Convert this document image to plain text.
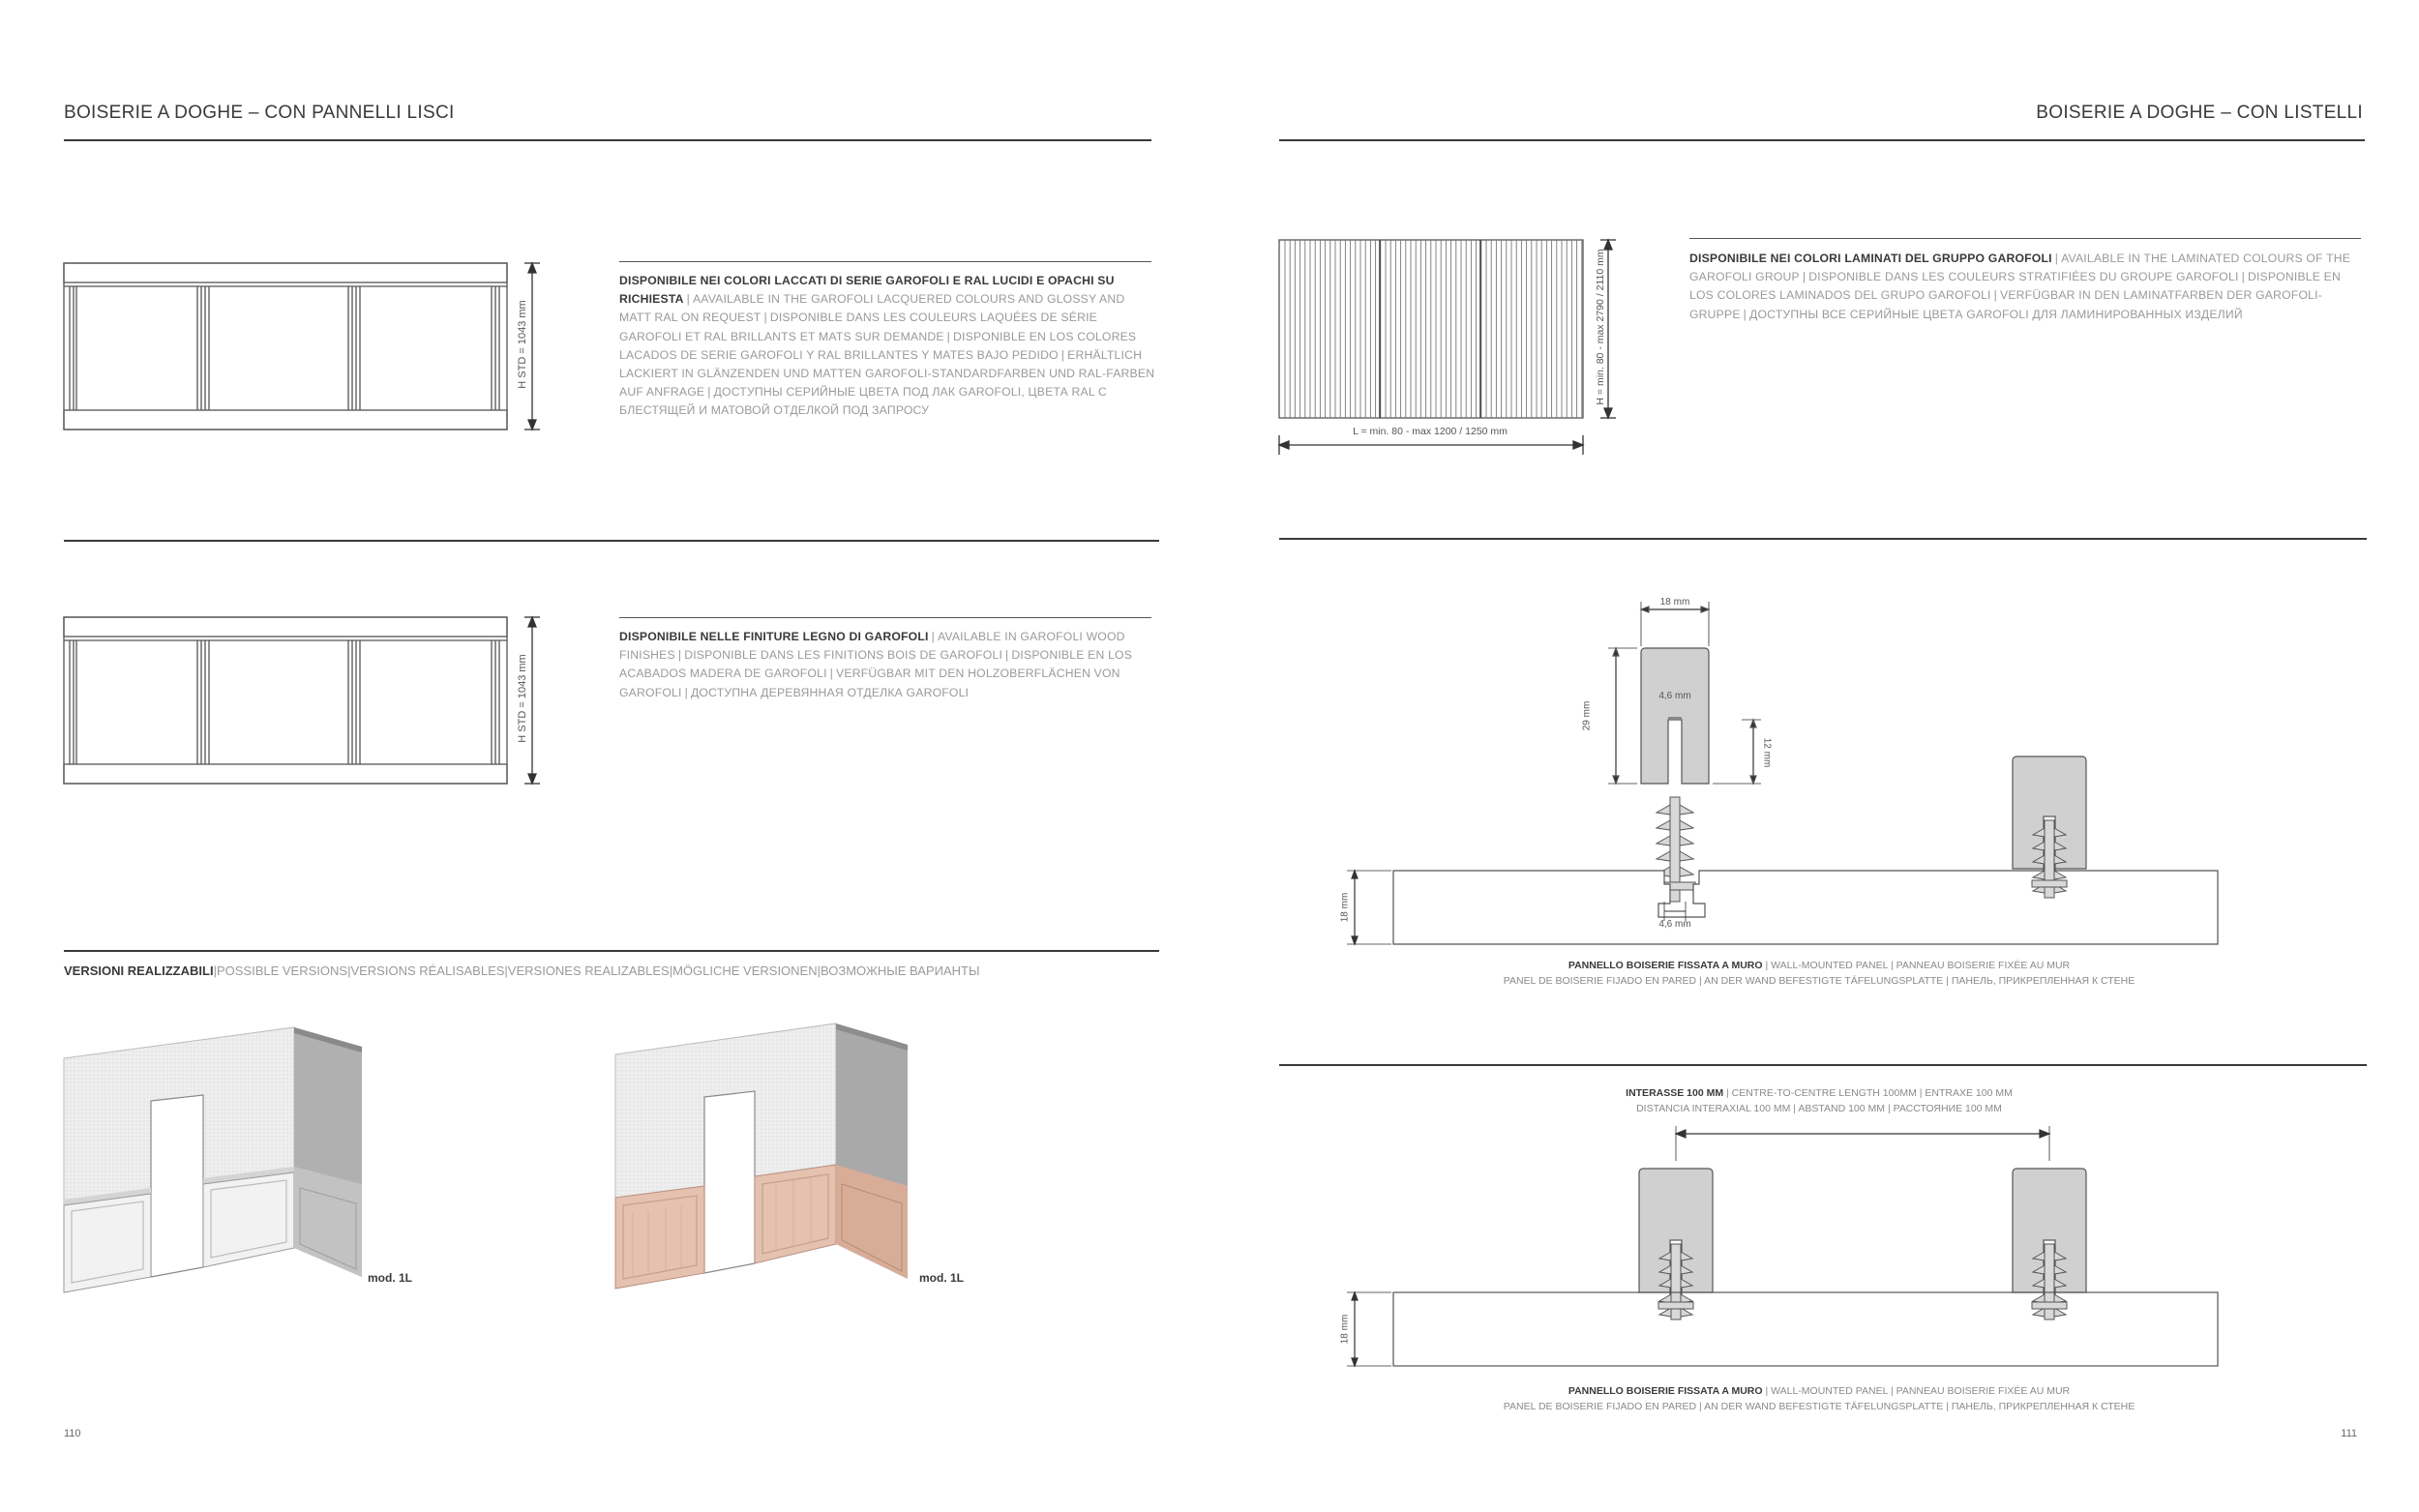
BOISERIE A DOGHE – CON PANNELLI LISCI
H STD = 1043 mm
DISPONIBILE NEI COLORI LACCATI DI SERIE GAROFOLI E RAL LUCIDI E OPACHI SU RICHIESTA | AAVAILABLE IN THE GAROFOLI LACQUERED COLOURS AND GLOSSY AND MATT RAL ON REQUEST | DISPONIBLE DANS LES COULEURS LAQUÉES DE SÉRIE GAROFOLI ET RAL BRILLANTS ET MATS SUR DEMANDE | DISPONIBLE EN LOS COLORES LACADOS DE SERIE GAROFOLI Y RAL BRILLANTES Y MATES BAJO PEDIDO | ERHÄLTLICH LACKIERT IN GLÄNZENDEN UND MATTEN GAROFOLI-STANDARDFARBEN UND RAL-FARBEN AUF ANFRAGE | ДОСТУПНЫ СЕРИЙНЫЕ ЦВЕТА ПОД ЛАК GAROFOLI, ЦВЕТА RAL С БЛЕСТЯЩЕЙ И МАТОВОЙ ОТДЕЛКОЙ ПОД ЗАПРОСУ
H STD = 1043 mm
DISPONIBILE NELLE FINITURE LEGNO DI GAROFOLI | AVAILABLE IN GAROFOLI WOOD FINISHES | DISPONIBLE DANS LES FINITIONS BOIS DE GAROFOLI | DISPONIBLE EN LOS ACABADOS MADERA DE GAROFOLI | VERFÜGBAR MIT DEN HOLZOBERFLÄCHEN VON GAROFOLI | ДОСТУПНА ДЕРЕВЯННАЯ ОТДЕЛКА GAROFOLI
VERSIONI REALIZZABILI|POSSIBLE VERSIONS|VERSIONS RÉALISABLES|VERSIONES REALIZABLES|MÖGLICHE VERSIONEN|ВОЗМОЖНЫЕ ВАРИАНТЫ
mod. 1L	mod. 1L
110
BOISERIE A DOGHE – CON LISTELLI
H = min. 80 - max 2790 / 2110 mm
L = min. 80 - max 1200 / 1250 mm
DISPONIBILE NEI COLORI LAMINATI DEL GRUPPO GAROFOLI | AVAILABLE IN THE LAMINATED COLOURS OF THE GAROFOLI GROUP | DISPONIBLE DANS LES COULEURS STRATIFIÉES DU GROUPE GAROFOLI | DISPONIBLE EN LOS COLORES LAMINADOS DEL GRUPO GAROFOLI | VERFÜGBAR IN DEN LAMINATFARBEN DER GAROFOLI-GRUPPE | ДОСТУПНЫ ВСЕ СЕРИЙНЫЕ ЦВЕТА GAROFOLI ДЛЯ ЛАМИНИРОВАННЫХ ИЗДЕЛИЙ
18 mm
29 mm
4,6 mm
12 mm
18 mm
4,6 mm
PANNELLO BOISERIE FISSATA A MURO | WALL-MOUNTED PANEL | PANNEAU BOISERIE FIXÉE AU MUR
PANEL DE BOISERIE FIJADO EN PARED | AN DER WAND BEFESTIGTE TÄFELUNGSPLATTE | ПАНЕЛЬ, ПРИКРЕПЛЕННАЯ К СТЕНЕ
INTERASSE 100 MM | CENTRE-TO-CENTRE LENGTH 100MM | ENTRAXE 100 MM
DISTANCIA INTERAXIAL 100 MM | ABSTAND 100 MM | РАССТОЯНИЕ 100 ММ
18 mm
PANNELLO BOISERIE FISSATA A MURO | WALL-MOUNTED PANEL | PANNEAU BOISERIE FIXÉE AU MUR
PANEL DE BOISERIE FIJADO EN PARED | AN DER WAND BEFESTIGTE TÄFELUNGSPLATTE | ПАНЕЛЬ, ПРИКРЕПЛЕННАЯ К СТЕНЕ
111
